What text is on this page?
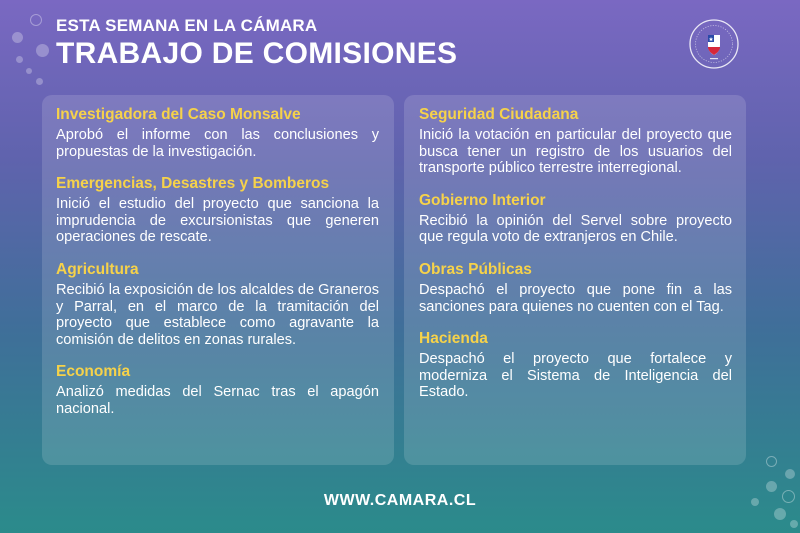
ESTA SEMANA EN LA CÁMARA
TRABAJO DE COMISIONES
Investigadora del Caso Monsalve

Aprobó el informe con las conclusiones y propuestas de la investigación.

Emergencias, Desastres y Bomberos

Inició el estudio del proyecto que sanciona la imprudencia de excursionistas que generen operaciones de rescate.

Agricultura

Recibió la exposición de los alcaldes de Graneros y Parral, en el marco de la tramitación del proyecto que establece como agravante la comisión de delitos en zonas rurales.

Economía

Analizó medidas del Sernac tras el apagón nacional.

Seguridad Ciudadana

Inició la votación en particular del proyecto que busca tener un registro de los usuarios del transporte público terrestre interregional.

Gobierno Interior

Recibió la opinión del Servel sobre proyecto que regula voto de extranjeros en Chile.

Obras Públicas

Despachó el proyecto que pone fin a las sanciones para quienes no cuenten con el Tag.

Hacienda

Despachó el proyecto que fortalece y moderniza el Sistema de Inteligencia del Estado.

WWW.CAMARA.CL
